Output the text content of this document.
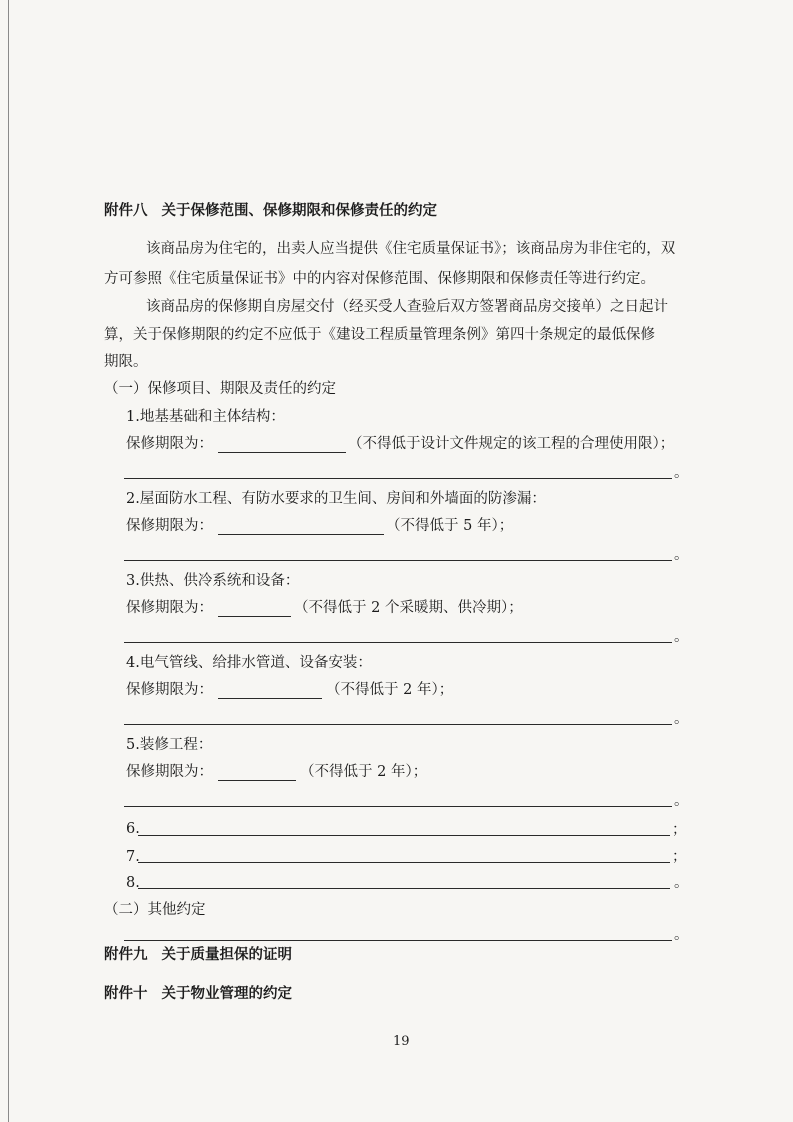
附件八 关于保修范围、保修期限和保修责任的约定
该商品房为住宅的，出卖人应当提供《住宅质量保证书》；该商品房为非住宅的，双
方可参照《住宅质量保证书》中的内容对保修范围、保修期限和保修责任等进行约定。
该商品房的保修期自房屋交付（经买受人查验后双方签署商品房交接单）之日起计
算，关于保修期限的约定不应低于《建设工程质量管理条例》第四十条规定的最低保修
期限。
（一）保修项目、期限及责任的约定
1.地基基础和主体结构：
保修期限为：	（不得低于设计文件规定的该工程的合理使用限）；
。
2.屋面防水工程、有防水要求的卫生间、房间和外墙面的防渗漏：
保修期限为：	（不得低于 5 年）；
。
3.供热、供冷系统和设备：
保修期限为：	（不得低于 2 个采暖期、供冷期）；
。
4.电气管线、给排水管道、设备安装：
保修期限为：	（不得低于 2 年）；
。
5.装修工程：
保修期限为：	（不得低于 2 年）；
。
6.	；
7.	；
8.	。
（二）其他约定
。
附件九 关于质量担保的证明
附件十 关于物业管理的约定
19
